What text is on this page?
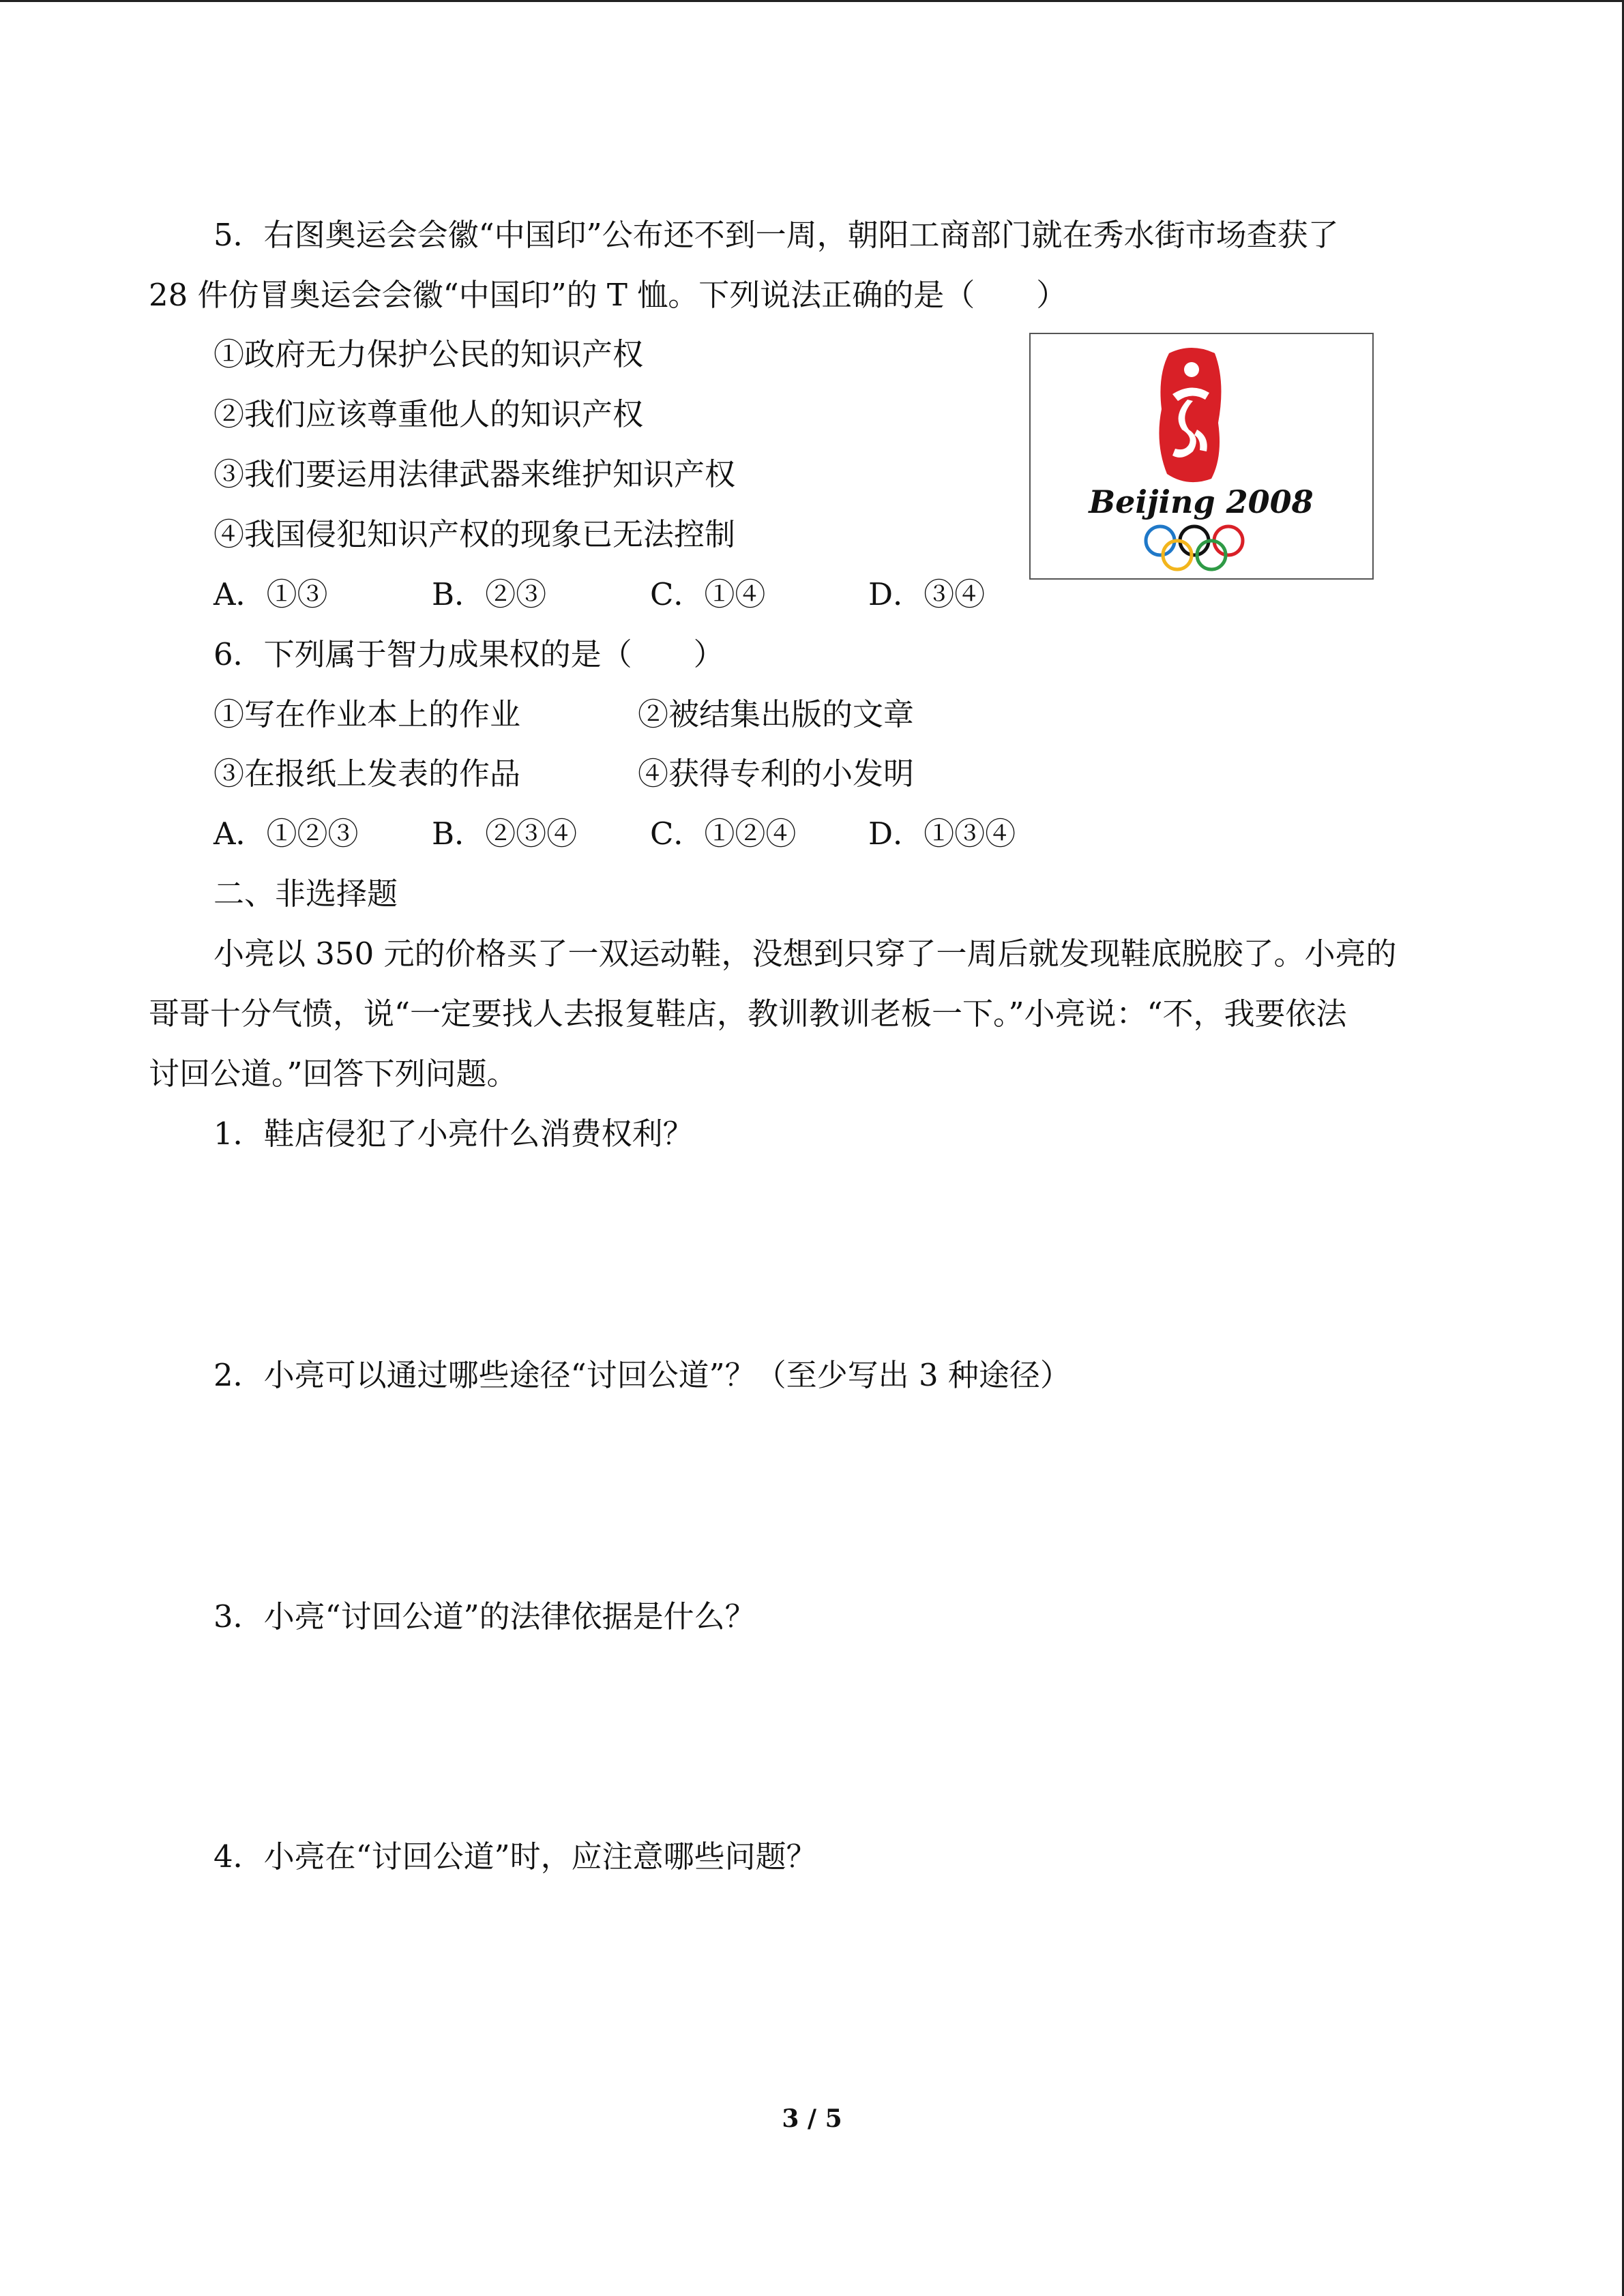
5．右图奥运会会徽“中国印”公布还不到一周，朝阳工商部门就在秀水街市场查获了
28 件仿冒奥运会会徽“中国印”的 T 恤。下列说法正确的是（　　）
①政府无力保护公民的知识产权
②我们应该尊重他人的知识产权
③我们要运用法律武器来维护知识产权
④我国侵犯知识产权的现象已无法控制
A．①③	B．②③	C．①④	D．③④
Beijing 2008
6．下列属于智力成果权的是（　　）
①写在作业本上的作业	②被结集出版的文章
③在报纸上发表的作品	④获得专利的小发明
A．①②③ B．②③④ C．①②④ D．①③④
二、非选择题
小亮以 350 元的价格买了一双运动鞋，没想到只穿了一周后就发现鞋底脱胶了。小亮的
哥哥十分气愤，说“一定要找人去报复鞋店，教训教训老板一下。”小亮说：“不，我要依法
讨回公道。”回答下列问题。
1．鞋店侵犯了小亮什么消费权利？
2．小亮可以通过哪些途径“讨回公道”？（至少写出 3 种途径）
3．小亮“讨回公道”的法律依据是什么？
4．小亮在“讨回公道”时，应注意哪些问题？
3 / 5
